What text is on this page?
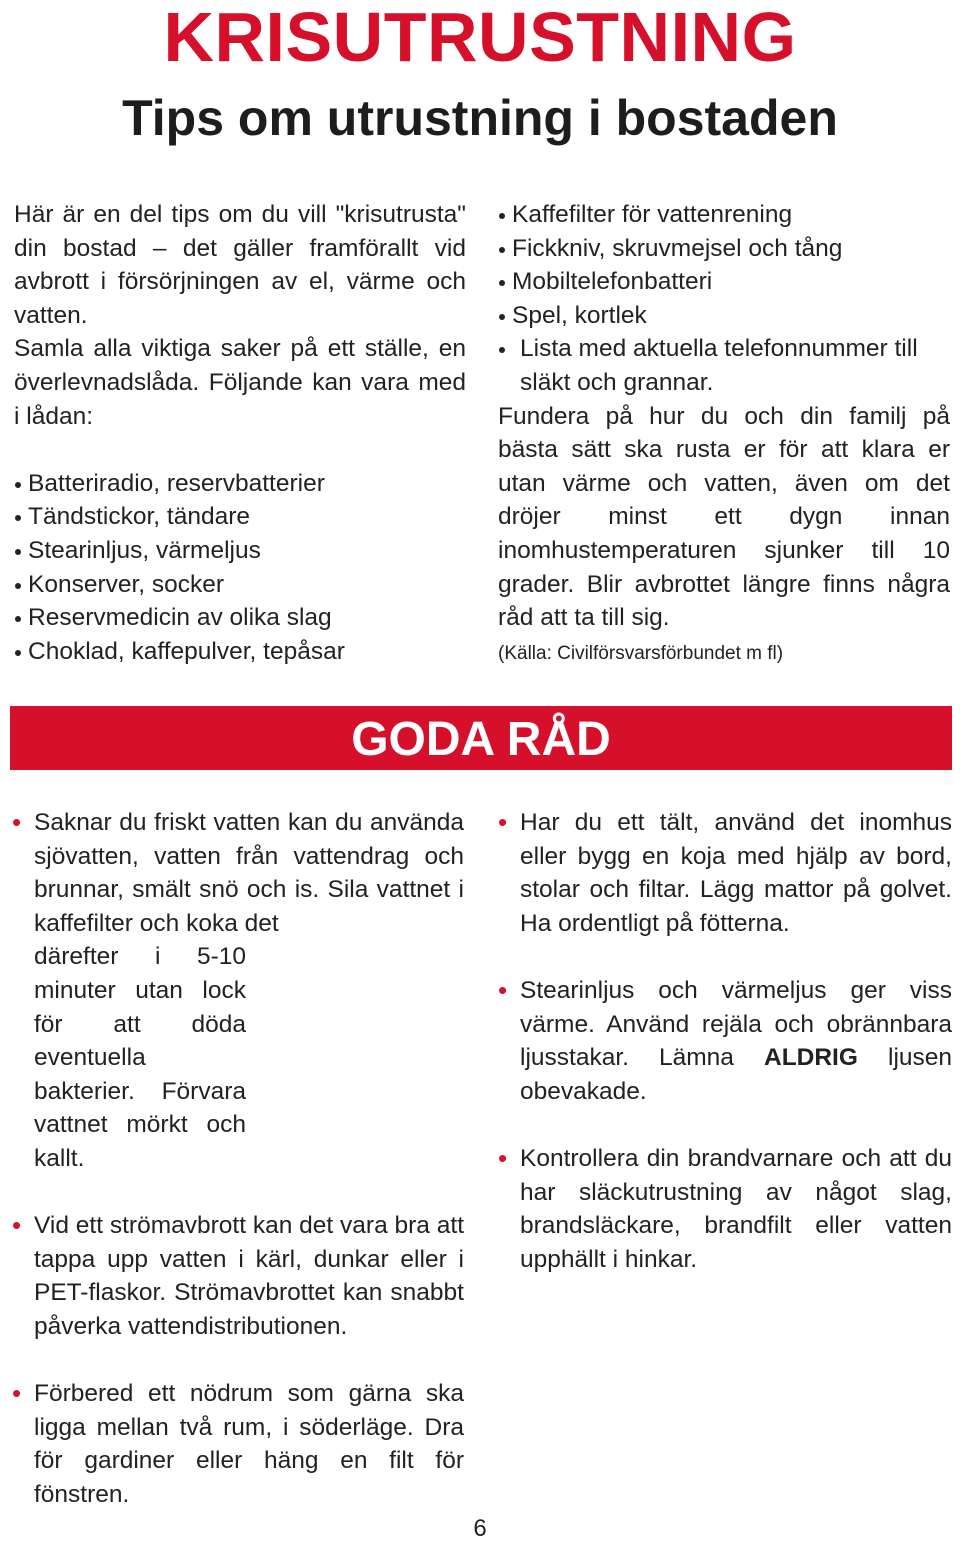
KRISUTRUSTNING
Tips om utrustning i bostaden

Här är en del tips om du vill "krisutrusta" din bostad – det gäller framförallt vid avbrott i försörjningen av el, värme och vatten.

Samla alla viktiga saker på ett ställe, en överlevnadslåda. Följande kan vara med i lådan:

Batteriradio, reservbatterier
Tändstickor, tändare
Stearinljus, värmeljus
Konserver, socker
Reservmedicin av olika slag
Choklad, kaffepulver, tepåsar
Kaffefilter för vattenrening
Fickkniv, skruvmejsel och tång
Mobiltelefonbatteri
Spel, kortlek
Lista med aktuella telefonnummer till släkt och grannar.

Fundera på hur du och din familj på bästa sätt ska rusta er för att klara er utan värme och vatten, även om det dröjer minst ett dygn innan inomhustemperaturen sjunker till 10 grader. Blir avbrottet längre finns några råd att ta till sig.

(Källa: Civilförsvarsförbundet m fl)

GODA RÅD
• Saknar du friskt vatten kan du använda sjövatten, vatten från vattendrag och brunnar, smält snö och is. Sila vattnet i kaffefilter och koka det
därefter i 5-10 minuter utan lock för att döda eventuella bakterier. Förvara vattnet mörkt och kallt.
• Vid ett strömavbrott kan det vara bra att tappa upp vatten i kärl, dunkar eller i PET-flaskor. Strömavbrottet kan snabbt påverka vattendistributionen.
• Förbered ett nödrum som gärna ska ligga mellan två rum, i söderläge. Dra för gardiner eller häng en filt för fönstren.
• Har du ett tält, använd det inomhus eller bygg en koja med hjälp av bord, stolar och filtar. Lägg mattor på golvet. Ha ordentligt på fötterna.
• Stearinljus och värmeljus ger viss värme. Använd rejäla och obrännbara ljusstakar. Lämna ALDRIG ljusen obevakade.
• Kontrollera din brandvarnare och att du har släckutrustning av något slag, brandsläckare, brandfilt eller vatten upphällt i hinkar.
6
